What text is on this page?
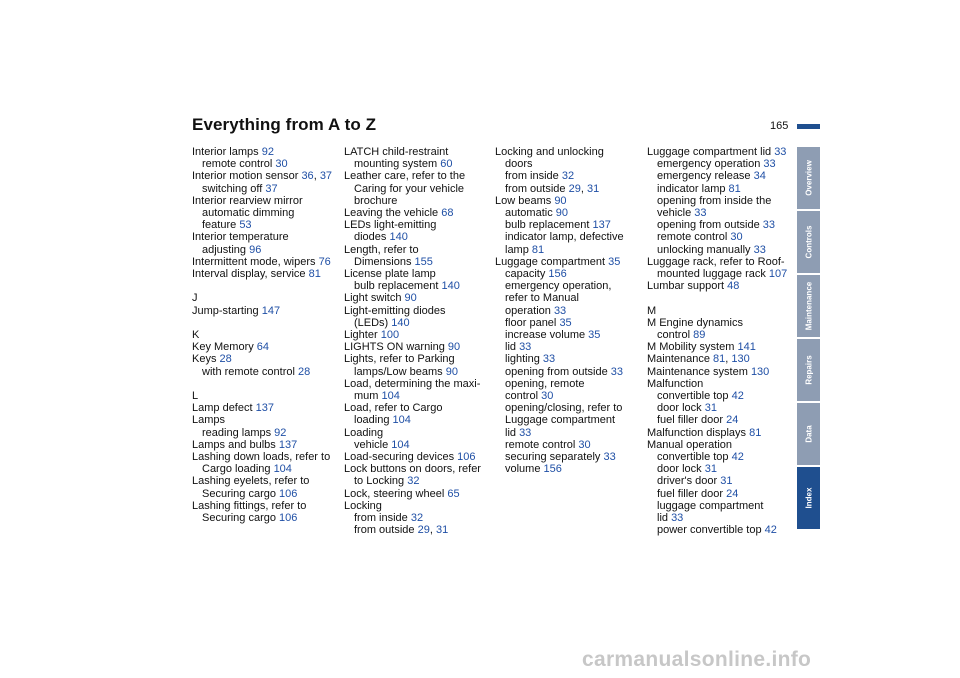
Everything from A to Z	165
Interior lamps 92
remote control 30
Interior motion sensor 36, 37
switching off 37
Interior rearview mirror
automatic dimming
feature 53
Interior temperature
adjusting 96
Intermittent mode, wipers 76
Interval display, service 81
J
Jump-starting 147
K
Key Memory 64
Keys 28
with remote control 28
L
Lamp defect 137
Lamps
reading lamps 92
Lamps and bulbs 137
Lashing down loads, refer to
Cargo loading 104
Lashing eyelets, refer to
Securing cargo 106
Lashing fittings, refer to
Securing cargo 106
LATCH child-restraint
mounting system 60
Leather care, refer to the
Caring for your vehicle
brochure
Leaving the vehicle 68
LEDs light-emitting
diodes 140
Length, refer to
Dimensions 155
License plate lamp
bulb replacement 140
Light switch 90
Light-emitting diodes
(LEDs) 140
Lighter 100
LIGHTS ON warning 90
Lights, refer to Parking
lamps/Low beams 90
Load, determining the maxi-
mum 104
Load, refer to Cargo
loading 104
Loading
vehicle 104
Load-securing devices 106
Lock buttons on doors, refer
to Locking 32
Lock, steering wheel 65
Locking
from inside 32
from outside 29, 31
Locking and unlocking
doors
from inside 32
from outside 29, 31
Low beams 90
automatic 90
bulb replacement 137
indicator lamp, defective
lamp 81
Luggage compartment 35
capacity 156
emergency operation,
refer to Manual
operation 33
floor panel 35
increase volume 35
lid 33
lighting 33
opening from outside 33
opening, remote
control 30
opening/closing, refer to
Luggage compartment
lid 33
remote control 30
securing separately 33
volume 156
Luggage compartment lid 33
emergency operation 33
emergency release 34
indicator lamp 81
opening from inside the
vehicle 33
opening from outside 33
remote control 30
unlocking manually 33
Luggage rack, refer to Roof-
mounted luggage rack 107
Lumbar support 48
M
M Engine dynamics
control 89
M Mobility system 141
Maintenance 81, 130
Maintenance system 130
Malfunction
convertible top 42
door lock 31
fuel filler door 24
Malfunction displays 81
Manual operation
convertible top 42
door lock 31
driver's door 31
fuel filler door 24
luggage compartment
lid 33
power convertible top 42
Overview
Controls
Maintenance
Repairs
Data
Index
carmanualsonline.info
